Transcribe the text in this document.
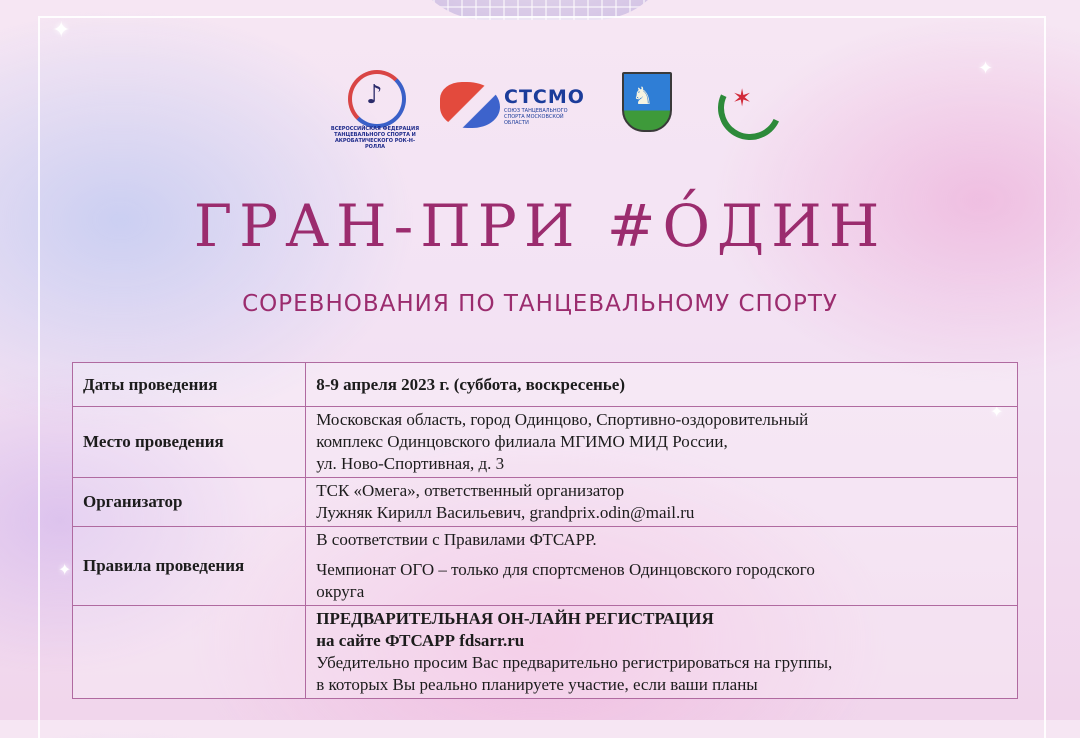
✦
✦
✦
✦
♪
ВСЕРОССИЙСКАЯ ФЕДЕРАЦИЯ ТАНЦЕВАЛЬНОГО СПОРТА И АКРОБАТИЧЕСКОГО РОК-Н-РОЛЛА
СТСМО
СОЮЗ ТАНЦЕВАЛЬНОГО СПОРТА МОСКОВСКОЙ ОБЛАСТИ
♞	✶
ГРАН-ПРИ #О́ДИН
СОРЕВНОВАНИЯ ПО ТАНЦЕВАЛЬНОМУ СПОРТУ
Даты проведения	8-9 апреля 2023 г. (суббота, воскресенье)
Место проведения	Московская область, город Одинцово, Спортивно-оздоровительный
комплекс Одинцовского филиала МГИМО МИД России,
ул. Ново-Спортивная, д. 3

Организатор	ТСК «Омега», ответственный организатор
Лужняк Кирилл Васильевич, grandprix.odin@mail.ru

Правила проведения	В соответствии с Правилами ФТСАРР.
Чемпионат ОГО – только для спортсменов Одинцовского городского
округа

	ПРЕДВАРИТЕЛЬНАЯ ОН-ЛАЙН РЕГИСТРАЦИЯ
на сайте ФТСАРР fdsarr.ru
Убедительно просим Вас предварительно регистрироваться на группы,
в которых Вы реально планируете участие, если ваши планы
